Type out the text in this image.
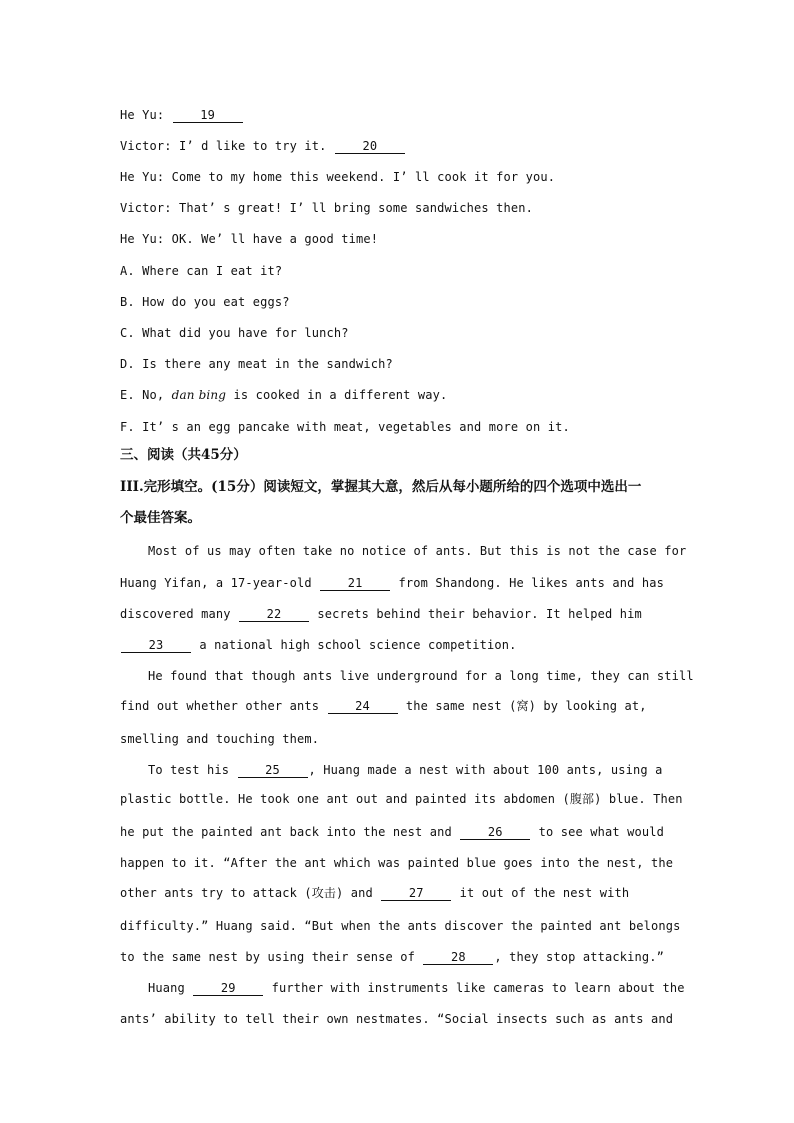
He Yu:	19
Victor: I’ d like to try it.	20
He Yu: Come to my home this weekend. I’ ll cook it for you.
Victor: That’ s great! I’ ll bring some sandwiches then.
He Yu: OK. We’ ll have a good time!
A. Where can I eat it?
B. How do you eat eggs?
C. What did you have for lunch?
D. Is there any meat in the sandwich?
E. No, dan bing is cooked in a different way.
F. It’ s an egg pancake with meat, vegetables and more on it.
三、阅读（共45分）
III.完形填空。(15分）阅读短文，掌握其大意，然后从每小题所给的四个选项中选出一
个最佳答案。
Most of us may often take no notice of ants. But this is not the case for
Huang Yifan, a 17-year-old	21	from Shandong. He likes ants and has
discovered many	22	secrets behind their behavior. It helped him
23	a national high school science competition.
He found that though ants live underground for a long time, they can still
find out whether other ants	24	the same nest (窝) by looking at,
smelling and touching them.
To test his	25 , Huang made a nest with about 100 ants, using a
plastic bottle. He took one ant out and painted its abdomen (腹部) blue. Then
he put the painted ant back into the nest and	26	to see what would
happen to it. “After the ant which was painted blue goes into the nest, the
other ants try to attack (攻击) and	27	it out of the nest with
difficulty.” Huang said. “But when the ants discover the painted ant belongs
to the same nest by using their sense of	28 , they stop attacking.”
Huang	29	further with instruments like cameras to learn about the
ants’ ability to tell their own nestmates. “Social insects such as ants and
